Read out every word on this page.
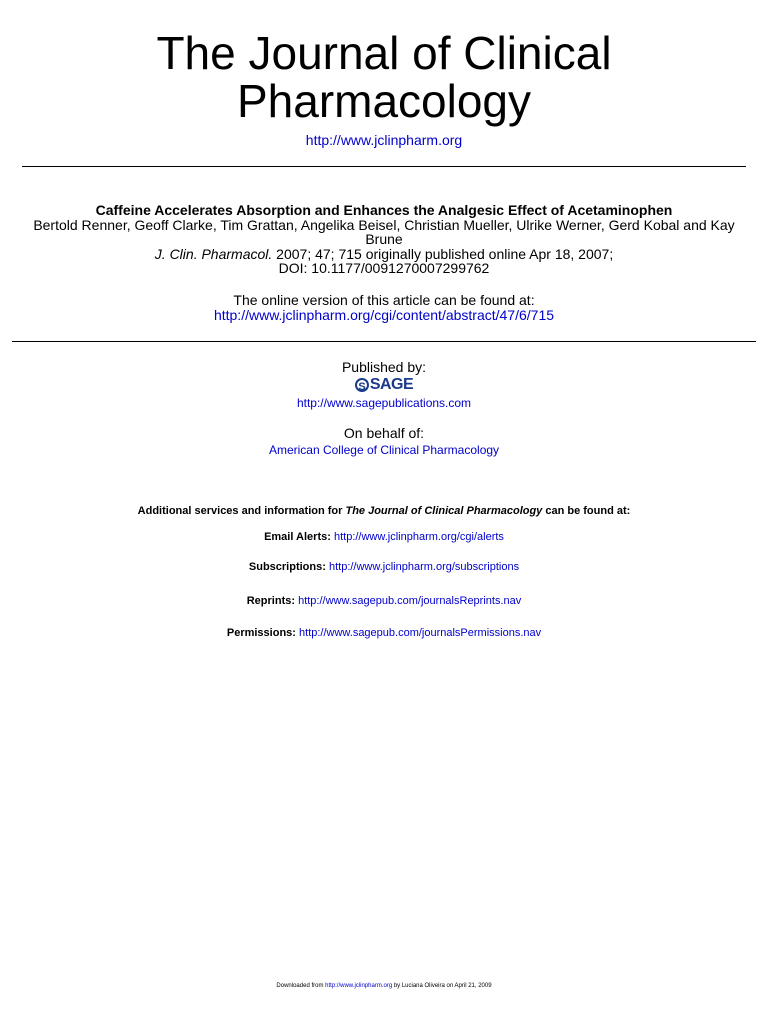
The Journal of Clinical
Pharmacology
http://www.jclinpharm.org
Caffeine Accelerates Absorption and Enhances the Analgesic Effect of Acetaminophen
Bertold Renner, Geoff Clarke, Tim Grattan, Angelika Beisel, Christian Mueller, Ulrike Werner, Gerd Kobal and Kay
Brune
J. Clin. Pharmacol. 2007; 47; 715 originally published online Apr 18, 2007;
DOI: 10.1177/0091270007299762
The online version of this article can be found at:
http://www.jclinpharm.org/cgi/content/abstract/47/6/715
Published by:
S SAGE
http://www.sagepublications.com
On behalf of:
American College of Clinical Pharmacology
Additional services and information for The Journal of Clinical Pharmacology can be found at:
Email Alerts: http://www.jclinpharm.org/cgi/alerts
Subscriptions: http://www.jclinpharm.org/subscriptions
Reprints: http://www.sagepub.com/journalsReprints.nav
Permissions: http://www.sagepub.com/journalsPermissions.nav
Downloaded from http://www.jclinpharm.org by Luciana Oliveira on April 21, 2009
